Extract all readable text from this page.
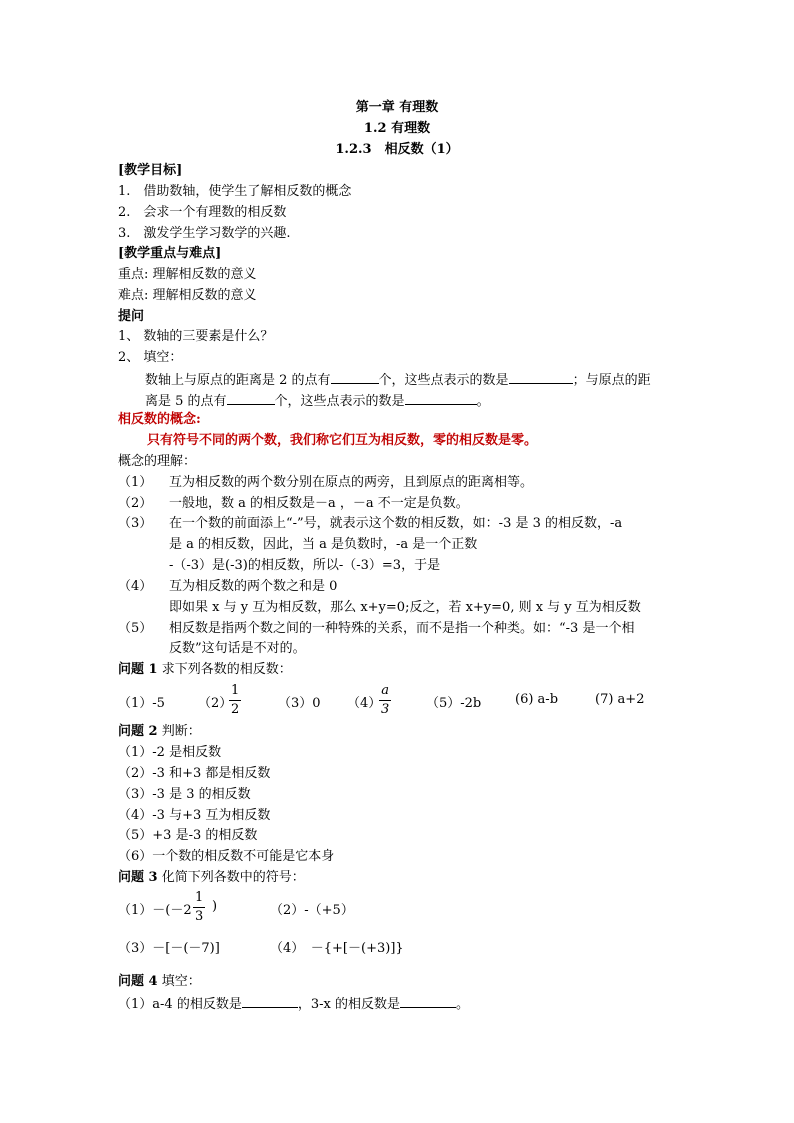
第一章 有理数
1.2 有理数
1.2.3　相反数（1）
[教学目标]
1.　借助数轴，使学生了解相反数的概念
2.　会求一个有理数的相反数
3.　激发学生学习数学的兴趣.
[教学重点与难点]
重点: 理解相反数的意义
难点: 理解相反数的意义
提问
1、 数轴的三要素是什么？
2、 填空：
数轴上与原点的距离是 2 的点有	个，这些点表示的数是	；与原点的距
离是 5 的点有	个，这些点表示的数是	。
相反数的概念:
只有符号不同的两个数，我们称它们互为相反数，零的相反数是零。
概念的理解：
（1） 互为相反数的两个数分别在原点的两旁，且到原点的距离相等。
（2） 一般地，数 a 的相反数是－a ，－a 不一定是负数。
（3） 在一个数的前面添上“-”号，就表示这个数的相反数，如：-3 是 3 的相反数，-a
是 a 的相反数，因此，当 a 是负数时，-a 是一个正数
-（-3）是(-3)的相反数，所以-（-3）=3，于是
（4） 互为相反数的两个数之和是 0
即如果 x 与 y 互为相反数，那么 x+y=0;反之，若 x+y=0, 则 x 与 y 互为相反数
（5） 相反数是指两个数之间的一种特殊的关系，而不是指一个种类。如：“-3 是一个相
反数”这句话是不对的。
问题 1 求下列各数的相反数：
（1）-5	（2）
$\frac{1}{2}$	（3）0 （4）
$\frac{a}{3}$	（5）-2b	(6) a-b	(7) a+2
问题 2 判断：
（1）-2 是相反数
（2）-3 和+3 都是相反数
（3）-3 是 3 的相反数
（4）-3 与+3 互为相反数
（5）+3 是-3 的相反数
（6）一个数的相反数不可能是它本身
问题 3 化简下列各数中的符号：
$(1)-(-2 \frac{1}{3}$ )	（2）-（+5）
（3）－[－(－7)]	（4）　－{+[－(+3)]}
问题 4 填空：
（1）a-4 的相反数是	，3-x 的相反数是	。
